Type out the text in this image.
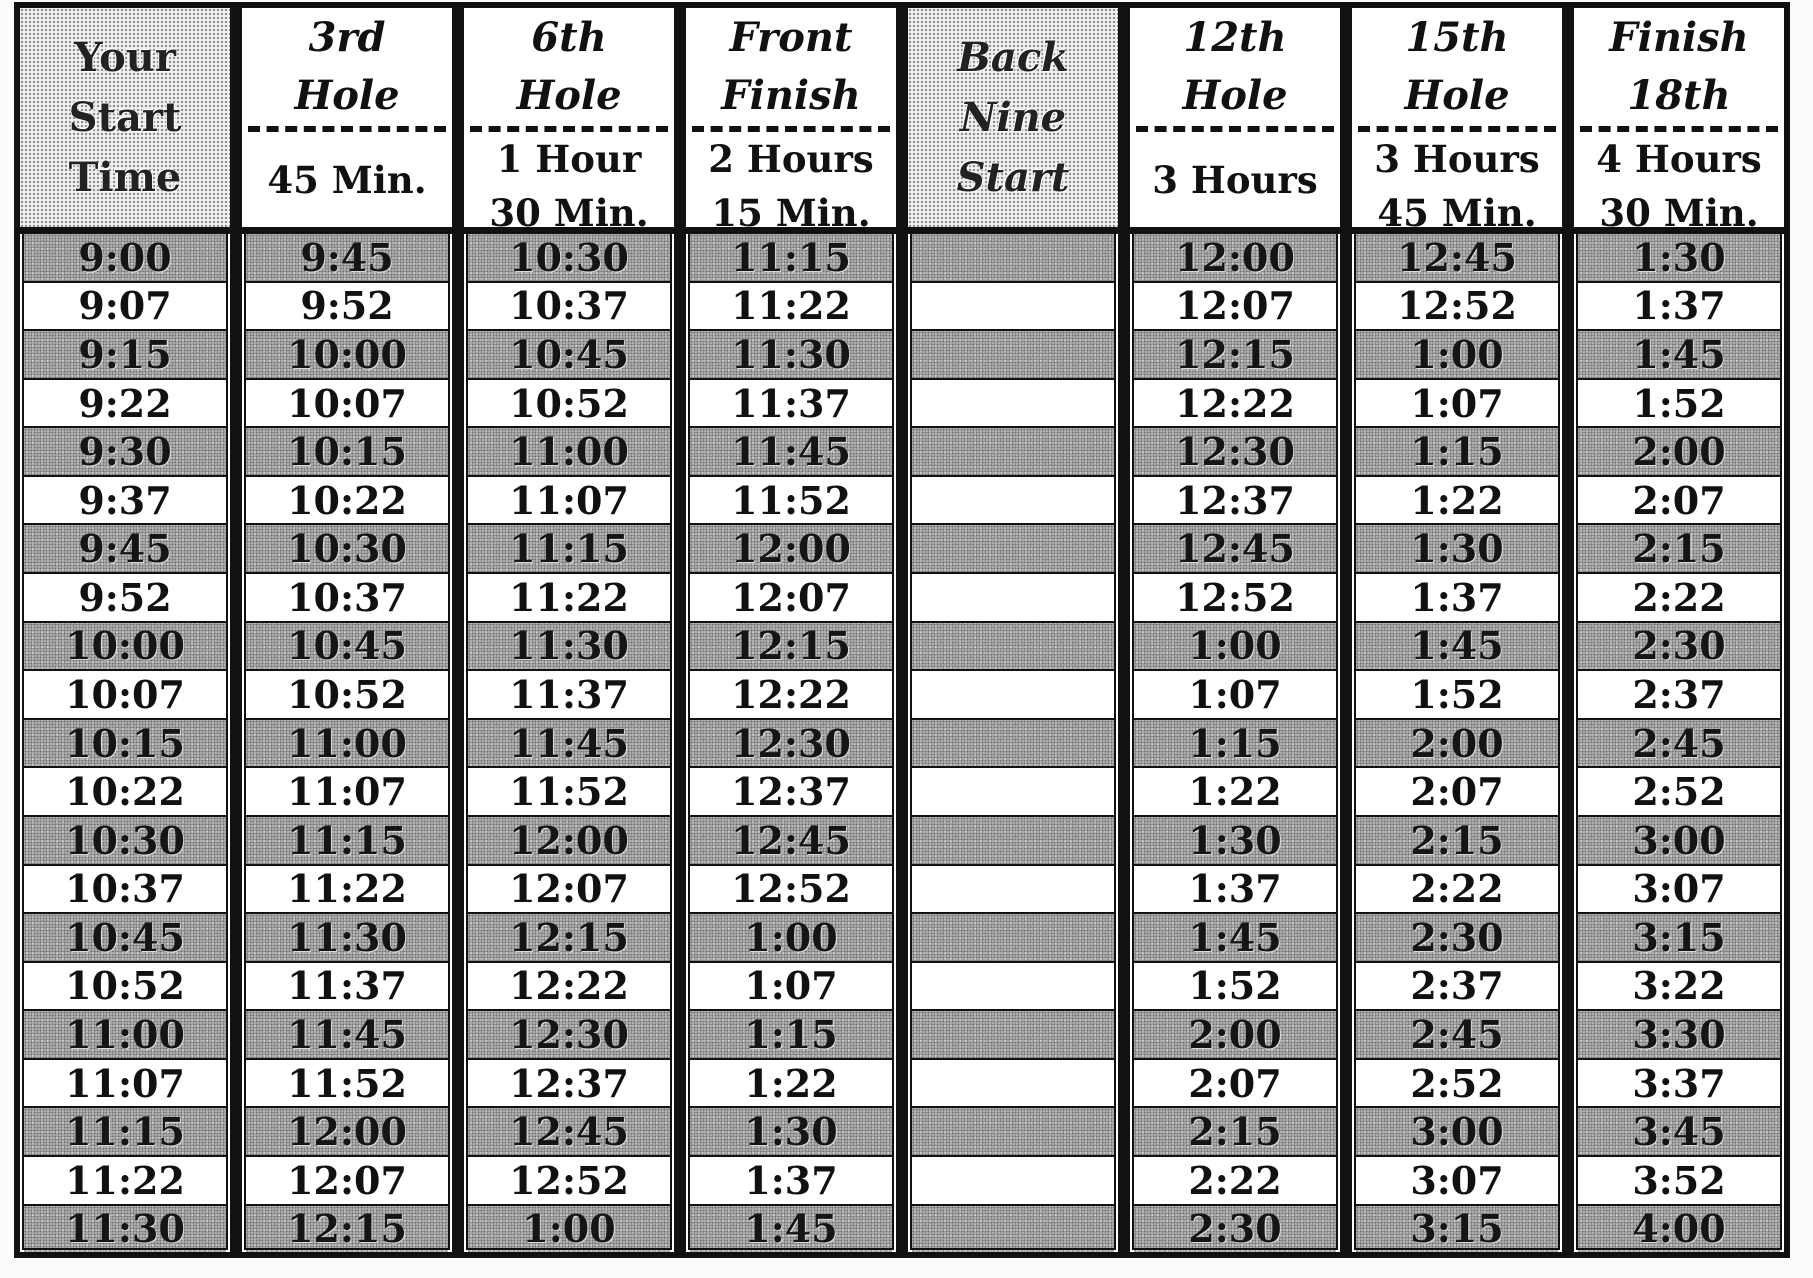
Your
Start
Time
9:00
9:07
9:15
9:22
9:30
9:37
9:45
9:52
10:00
10:07
10:15
10:22
10:30
10:37
10:45
10:52
11:00
11:07
11:15
11:22
11:30
3rd
Hole
45 Min.
9:45
9:52
10:00
10:07
10:15
10:22
10:30
10:37
10:45
10:52
11:00
11:07
11:15
11:22
11:30
11:37
11:45
11:52
12:00
12:07
12:15
6th
Hole
1 Hour
30 Min.
10:30
10:37
10:45
10:52
11:00
11:07
11:15
11:22
11:30
11:37
11:45
11:52
12:00
12:07
12:15
12:22
12:30
12:37
12:45
12:52
1:00
Front
Finish
2 Hours
15 Min.
11:15
11:22
11:30
11:37
11:45
11:52
12:00
12:07
12:15
12:22
12:30
12:37
12:45
12:52
1:00
1:07
1:15
1:22
1:30
1:37
1:45
Back
Nine
Start
12th
Hole
3 Hours
12:00
12:07
12:15
12:22
12:30
12:37
12:45
12:52
1:00
1:07
1:15
1:22
1:30
1:37
1:45
1:52
2:00
2:07
2:15
2:22
2:30
15th
Hole
3 Hours
45 Min.
12:45
12:52
1:00
1:07
1:15
1:22
1:30
1:37
1:45
1:52
2:00
2:07
2:15
2:22
2:30
2:37
2:45
2:52
3:00
3:07
3:15
Finish
18th
4 Hours
30 Min.
1:30
1:37
1:45
1:52
2:00
2:07
2:15
2:22
2:30
2:37
2:45
2:52
3:00
3:07
3:15
3:22
3:30
3:37
3:45
3:52
4:00
